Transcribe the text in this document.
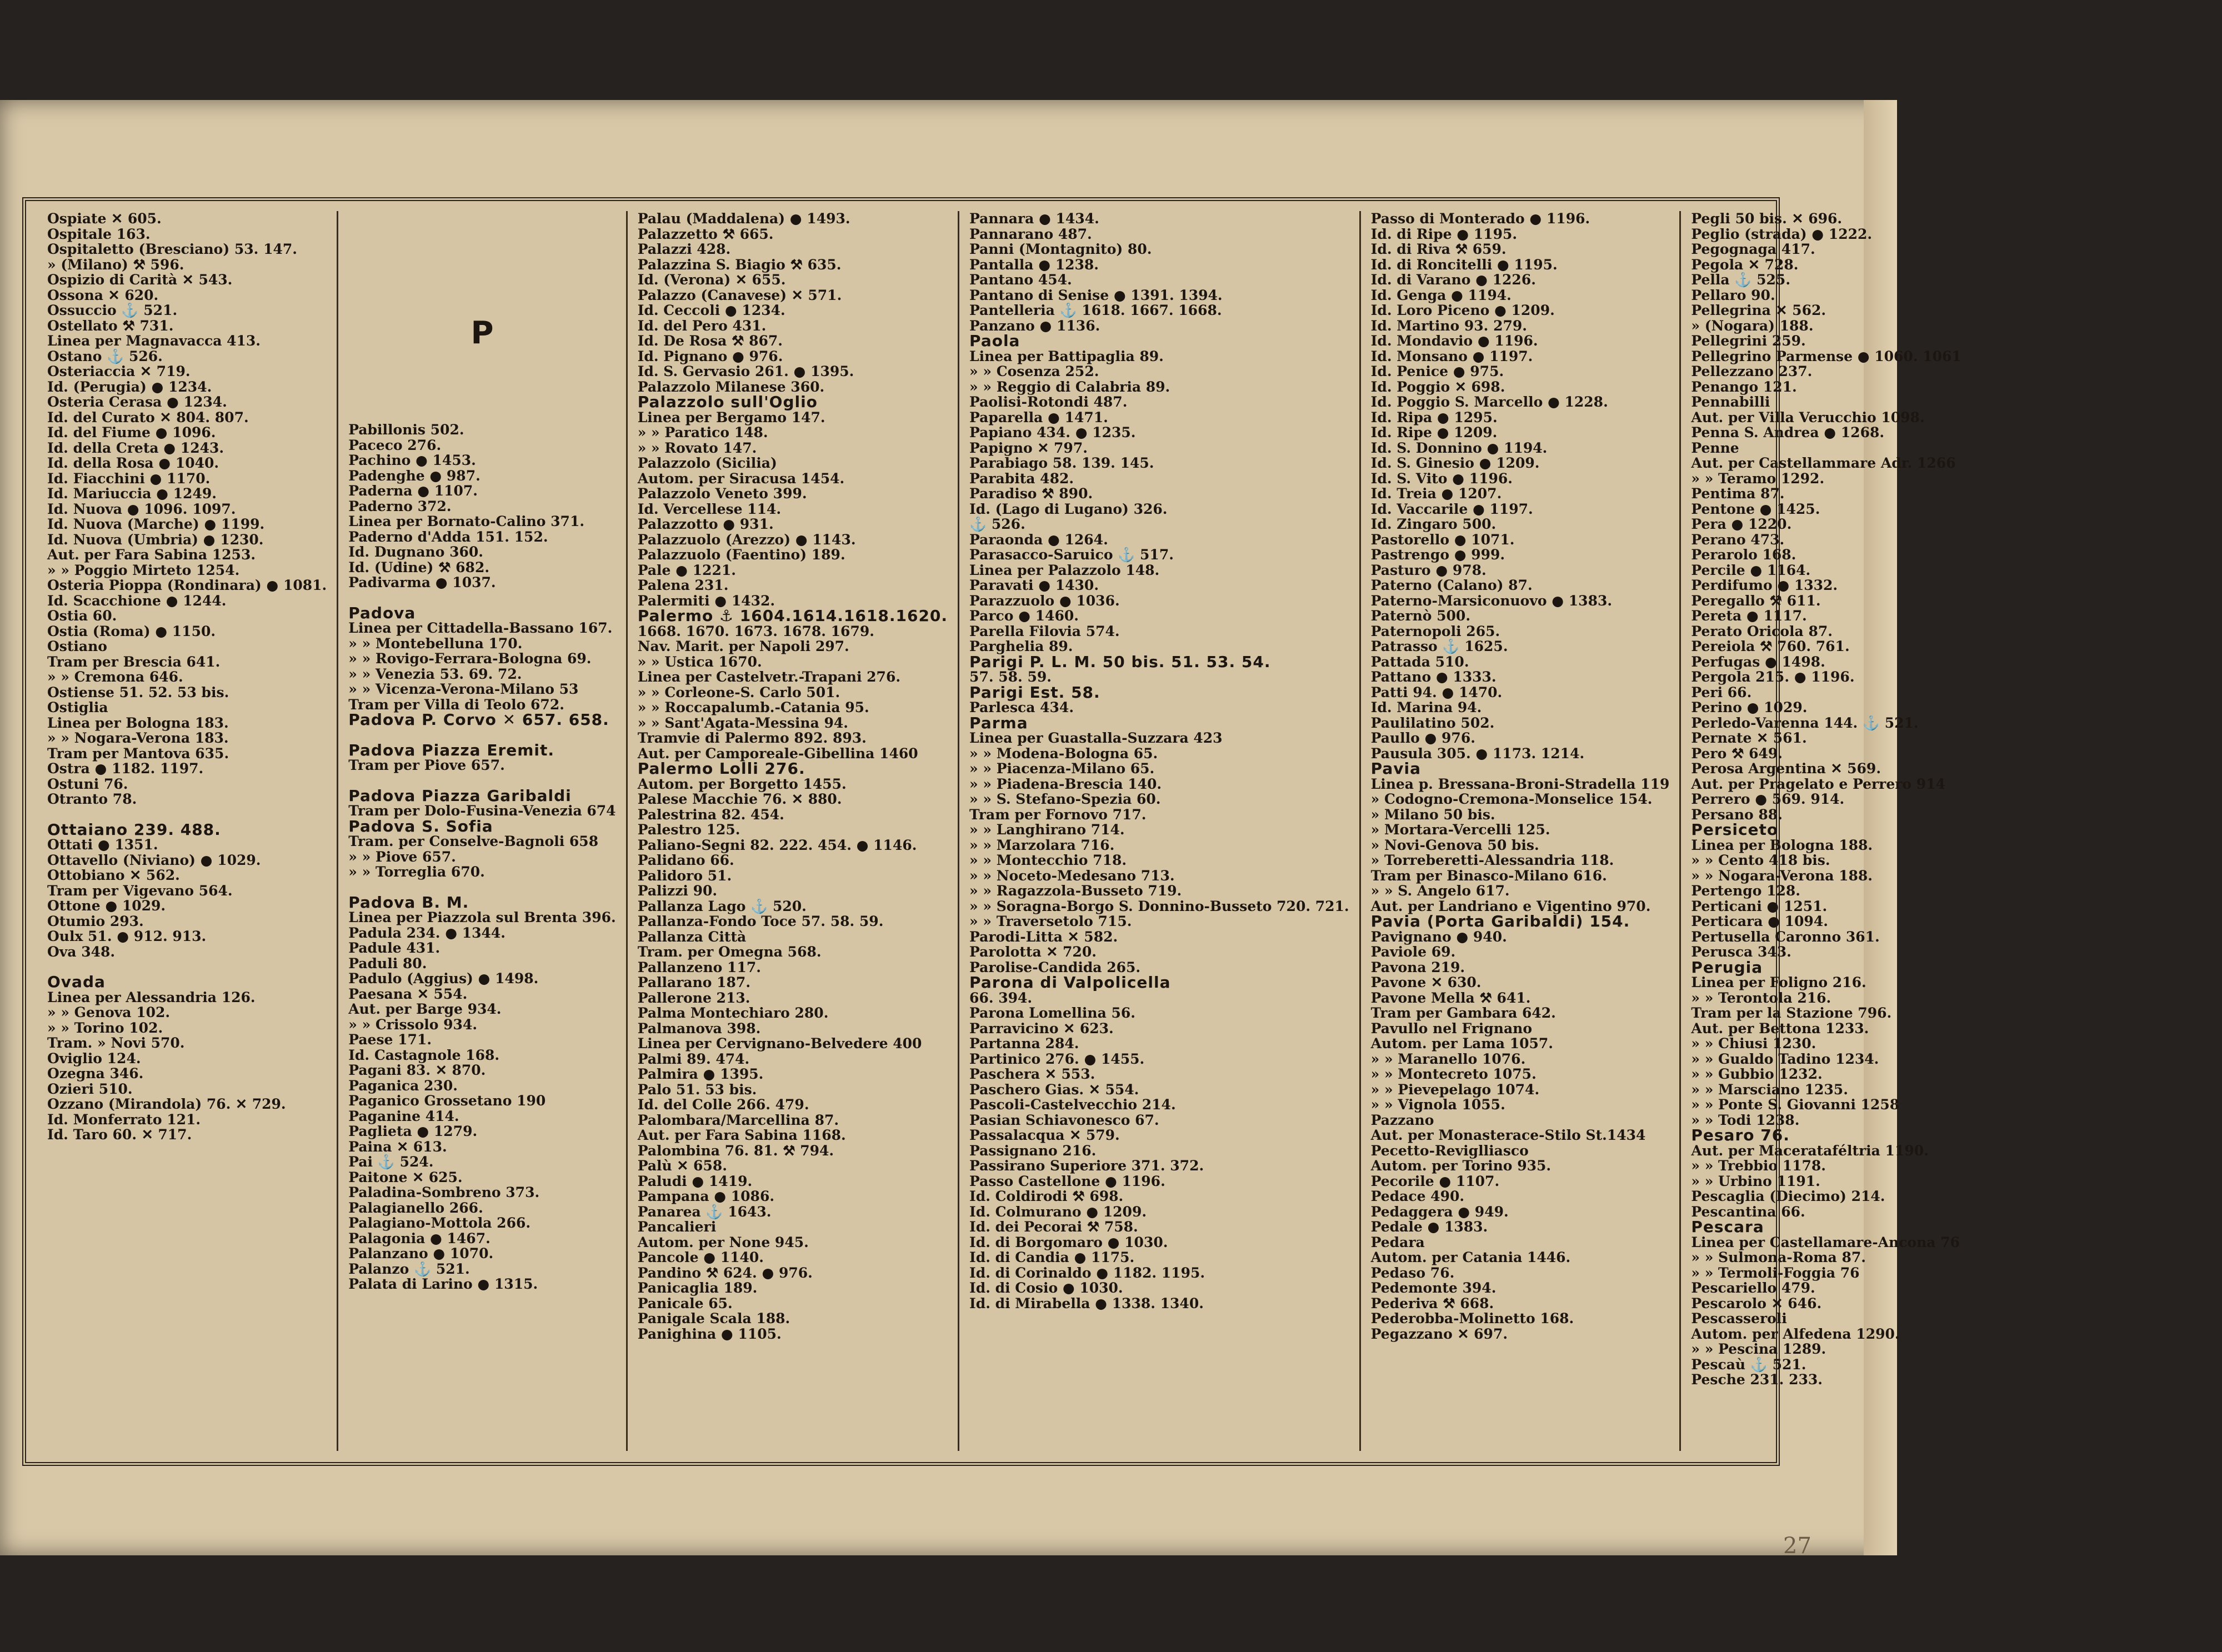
Ospiate ✕ 605.
Ospitale 163.
Ospitaletto (Bresciano) 53. 147.
» (Milano) ⚒ 596.
Ospizio di Carità ✕ 543.
Ossona ✕ 620.
Ossuccio ⚓ 521.
Ostellato ⚒ 731.
Linea per Magnavacca 413.
Ostano ⚓ 526.
Osteriaccia ✕ 719.
Id. (Perugia) ● 1234.
Osteria Cerasa ● 1234.
Id. del Curato ✕ 804. 807.
Id. del Fiume ● 1096.
Id. della Creta ● 1243.
Id. della Rosa ● 1040.
Id. Fiacchini ● 1170.
Id. Mariuccia ● 1249.
Id. Nuova ● 1096. 1097.
Id. Nuova (Marche) ● 1199.
Id. Nuova (Umbria) ● 1230.
Aut. per Fara Sabina 1253.
» » Poggio Mirteto 1254.
Osteria Pioppa (Rondinara) ● 1081.
Id. Scacchione ● 1244.
Ostia 60.
Ostia (Roma) ● 1150.
Ostiano
Tram per Brescia 641.
» » Cremona 646.
Ostiense 51. 52. 53 bis.
Ostiglia
Linea per Bologna 183.
» » Nogara-Verona 183.
Tram per Mantova 635.
Ostra ● 1182. 1197.
Ostuni 76.
Otranto 78.
Ottaiano 239. 488.
Ottati ● 1351.
Ottavello (Niviano) ● 1029.
Ottobiano ✕ 562.
Tram per Vigevano 564.
Ottone ● 1029.
Otumio 293.
Oulx 51. ● 912. 913.
Ova 348.
Ovada
Linea per Alessandria 126.
» » Genova 102.
» » Torino 102.
Tram. » Novi 570.
Oviglio 124.
Ozegna 346.
Ozieri 510.
Ozzano (Mirandola) 76. ✕ 729.
Id. Monferrato 121.
Id. Taro 60. ✕ 717.
P
Pabillonis 502.
Paceco 276.
Pachino ● 1453.
Padenghe ● 987.
Paderna ● 1107.
Paderno 372.
Linea per Bornato-Calino 371.
Paderno d'Adda 151. 152.
Id. Dugnano 360.
Id. (Udine) ⚒ 682.
Padivarma ● 1037.
Padova
Linea per Cittadella-Bassano 167.
» » Montebelluna 170.
» » Rovigo-Ferrara-Bologna 69.
» » Venezia 53. 69. 72.
» » Vicenza-Verona-Milano 53
Tram per Villa di Teolo 672.
Padova P. Corvo ✕ 657. 658.
Padova Piazza Eremit.
Tram per Piove 657.
Padova Piazza Garibaldi
Tram per Dolo-Fusina-Venezia 674
Padova S. Sofia
Tram. per Conselve-Bagnoli 658
» » Piove 657.
» » Torreglia 670.
Padova B. M.
Linea per Piazzola sul Brenta 396.
Padula 234. ● 1344.
Padule 431.
Paduli 80.
Padulo (Aggius) ● 1498.
Paesana ✕ 554.
Aut. per Barge 934.
» » Crissolo 934.
Paese 171.
Id. Castagnole 168.
Pagani 83. ✕ 870.
Paganica 230.
Paganico Grossetano 190
Paganine 414.
Paglieta ● 1279.
Paina ✕ 613.
Pai ⚓ 524.
Paitone ✕ 625.
Paladina-Sombreno 373.
Palagianello 266.
Palagiano-Mottola 266.
Palagonia ● 1467.
Palanzano ● 1070.
Palanzo ⚓ 521.
Palata di Larino ● 1315.
Palau (Maddalena) ● 1493.
Palazzetto ⚒ 665.
Palazzi 428.
Palazzina S. Biagio ⚒ 635.
Id. (Verona) ✕ 655.
Palazzo (Canavese) ✕ 571.
Id. Ceccoli ● 1234.
Id. del Pero 431.
Id. De Rosa ⚒ 867.
Id. Pignano ● 976.
Id. S. Gervasio 261. ● 1395.
Palazzolo Milanese 360.
Palazzolo sull'Oglio
Linea per Bergamo 147.
» » Paratico 148.
» » Rovato 147.
Palazzolo (Sicilia)
Autom. per Siracusa 1454.
Palazzolo Veneto 399.
Id. Vercellese 114.
Palazzotto ● 931.
Palazzuolo (Arezzo) ● 1143.
Palazzuolo (Faentino) 189.
Pale ● 1221.
Palena 231.
Palermiti ● 1432.
Palermo ⚓ 1604.1614.1618.1620.
1668. 1670. 1673. 1678. 1679.
Nav. Marit. per Napoli 297.
» » Ustica 1670.
Linea per Castelvetr.-Trapani 276.
» » Corleone-S. Carlo 501.
» » Roccapalumb.-Catania 95.
» » Sant'Agata-Messina 94.
Tramvie di Palermo 892. 893.
Aut. per Camporeale-Gibellina 1460
Palermo Lolli 276.
Autom. per Borgetto 1455.
Palese Macchie 76. ✕ 880.
Palestrina 82. 454.
Palestro 125.
Paliano-Segni 82. 222. 454. ● 1146.
Palidano 66.
Palidoro 51.
Palizzi 90.
Pallanza Lago ⚓ 520.
Pallanza-Fondo Toce 57. 58. 59.
Pallanza Città
Tram. per Omegna 568.
Pallanzeno 117.
Pallarano 187.
Pallerone 213.
Palma Montechiaro 280.
Palmanova 398.
Linea per Cervignano-Belvedere 400
Palmi 89. 474.
Palmira ● 1395.
Palo 51. 53 bis.
Id. del Colle 266. 479.
Palombara/Marcellina 87.
Aut. per Fara Sabina 1168.
Palombina 76. 81. ⚒ 794.
Palù ✕ 658.
Paludi ● 1419.
Pampana ● 1086.
Panarea ⚓ 1643.
Pancalieri
Autom. per None 945.
Pancole ● 1140.
Pandino ⚒ 624. ● 976.
Panicaglia 189.
Panicale 65.
Panigale Scala 188.
Panighina ● 1105.
Pannara ● 1434.
Pannarano 487.
Panni (Montagnito) 80.
Pantalla ● 1238.
Pantano 454.
Pantano di Senise ● 1391. 1394.
Pantelleria ⚓ 1618. 1667. 1668.
Panzano ● 1136.
Paola
Linea per Battipaglia 89.
» » Cosenza 252.
» » Reggio di Calabria 89.
Paolisi-Rotondi 487.
Paparella ● 1471.
Papiano 434. ● 1235.
Papigno ✕ 797.
Parabiago 58. 139. 145.
Parabita 482.
Paradiso ⚒ 890.
Id. (Lago di Lugano) 326.
⚓ 526.
Paraonda ● 1264.
Parasacco-Saruico ⚓ 517.
Linea per Palazzolo 148.
Paravati ● 1430.
Parazzuolo ● 1036.
Parco ● 1460.
Parella Filovia 574.
Parghelia 89.
Parigi P. L. M. 50 bis. 51. 53. 54.
57. 58. 59.
Parigi Est. 58.
Parlesca 434.
Parma
Linea per Guastalla-Suzzara 423
» » Modena-Bologna 65.
» » Piacenza-Milano 65.
» » Piadena-Brescia 140.
» » S. Stefano-Spezia 60.
Tram per Fornovo 717.
» » Langhirano 714.
» » Marzolara 716.
» » Montecchio 718.
» » Noceto-Medesano 713.
» » Ragazzola-Busseto 719.
» » Soragna-Borgo S. Donnino-Busseto 720. 721.
» » Traversetolo 715.
Parodi-Litta ✕ 582.
Parolotta ✕ 720.
Parolise-Candida 265.
Parona di Valpolicella
66. 394.
Parona Lomellina 56.
Parravicino ✕ 623.
Partanna 284.
Partinico 276. ● 1455.
Paschera ✕ 553.
Paschero Gias. ✕ 554.
Pascoli-Castelvecchio 214.
Pasian Schiavonesco 67.
Passalacqua ✕ 579.
Passignano 216.
Passirano Superiore 371. 372.
Passo Castellone ● 1196.
Id. Coldirodi ⚒ 698.
Id. Colmurano ● 1209.
Id. dei Pecorai ⚒ 758.
Id. di Borgomaro ● 1030.
Id. di Candia ● 1175.
Id. di Corinaldo ● 1182. 1195.
Id. di Cosio ● 1030.
Id. di Mirabella ● 1338. 1340.
Passo di Monterado ● 1196.
Id. di Ripe ● 1195.
Id. di Riva ⚒ 659.
Id. di Roncitelli ● 1195.
Id. di Varano ● 1226.
Id. Genga ● 1194.
Id. Loro Piceno ● 1209.
Id. Martino 93. 279.
Id. Mondavio ● 1196.
Id. Monsano ● 1197.
Id. Penice ● 975.
Id. Poggio ✕ 698.
Id. Poggio S. Marcello ● 1228.
Id. Ripa ● 1295.
Id. Ripe ● 1209.
Id. S. Donnino ● 1194.
Id. S. Ginesio ● 1209.
Id. S. Vito ● 1196.
Id. Treia ● 1207.
Id. Vaccarile ● 1197.
Id. Zingaro 500.
Pastorello ● 1071.
Pastrengo ● 999.
Pasturo ● 978.
Paterno (Calano) 87.
Paterno-Marsiconuovo ● 1383.
Paternò 500.
Paternopoli 265.
Patrasso ⚓ 1625.
Pattada 510.
Pattano ● 1333.
Patti 94. ● 1470.
Id. Marina 94.
Paulilatino 502.
Paullo ● 976.
Pausula 305. ● 1173. 1214.
Pavia
Linea p. Bressana-Broni-Stradella 119
» Codogno-Cremona-Monselice 154.
» Milano 50 bis.
» Mortara-Vercelli 125.
» Novi-Genova 50 bis.
» Torreberetti-Alessandria 118.
Tram per Binasco-Milano 616.
» » S. Angelo 617.
Aut. per Landriano e Vigentino 970.
Pavia (Porta Garibaldi) 154.
Pavignano ● 940.
Paviole 69.
Pavona 219.
Pavone ✕ 630.
Pavone Mella ⚒ 641.
Tram per Gambara 642.
Pavullo nel Frignano
Autom. per Lama 1057.
» » Maranello 1076.
» » Montecreto 1075.
» » Pievepelago 1074.
» » Vignola 1055.
Pazzano
Aut. per Monasterace-Stilo St.1434
Pecetto-Reviglliasco
Autom. per Torino 935.
Pecorile ● 1107.
Pedace 490.
Pedaggera ● 949.
Pedale ● 1383.
Pedara
Autom. per Catania 1446.
Pedaso 76.
Pedemonte 394.
Pederiva ⚒ 668.
Pederobba-Molinetto 168.
Pegazzano ✕ 697.
Pegli 50 bis. ✕ 696.
Peglio (strada) ● 1222.
Pegognaga 417.
Pegola ✕ 728.
Pella ⚓ 525.
Pellaro 90.
Pellegrina ✕ 562.
» (Nogara) 188.
Pellegrini 259.
Pellegrino Parmense ● 1060. 1061
Pellezzano 237.
Penango 121.
Pennabilli
Aut. per Villa Verucchio 1098.
Penna S. Andrea ● 1268.
Penne
Aut. per Castellammare Adr. 1266
» » Teramo 1292.
Pentima 87.
Pentone ● 1425.
Pera ● 1220.
Perano 473.
Perarolo 168.
Percile ● 1164.
Perdifumo ● 1332.
Peregallo ⚒ 611.
Pereta ● 1117.
Perato Oricola 87.
Pereiola ⚒ 760. 761.
Perfugas ● 1498.
Pergola 215. ● 1196.
Peri 66.
Perino ● 1029.
Perledo-Varenna 144. ⚓ 521.
Pernate ✕ 561.
Pero ⚒ 649.
Perosa Argentina ✕ 569.
Aut. per Pragelato e Perrero 914
Perrero ● 569. 914.
Persano 88.
Persiceto
Linea per Bologna 188.
» » Cento 418 bis.
» » Nogara-Verona 188.
Pertengo 128.
Perticani ● 1251.
Perticara ● 1094.
Pertusella Caronno 361.
Perusca 343.
Perugia
Linea per Foligno 216.
» » Terontola 216.
Tram per la Stazione 796.
Aut. per Bettona 1233.
» » Chiusi 1230.
» » Gualdo Tadino 1234.
» » Gubbio 1232.
» » Marsciano 1235.
» » Ponte S. Giovanni 1258
» » Todi 1238.
Pesaro 76.
Aut. per Macerataféltria 1190.
» » Trebbio 1178.
» » Urbino 1191.
Pescaglia (Diecimo) 214.
Pescantina 66.
Pescara
Linea per Castellamare-Ancona 76
» » Sulmona-Roma 87.
» » Termoli-Foggia 76
Pescariello 479.
Pescarolo ✕ 646.
Pescasseroli
Autom. per Alfedena 1290.
» » Pescina 1289.
Pescaù ⚓ 521.
Pesche 231. 233.
27
